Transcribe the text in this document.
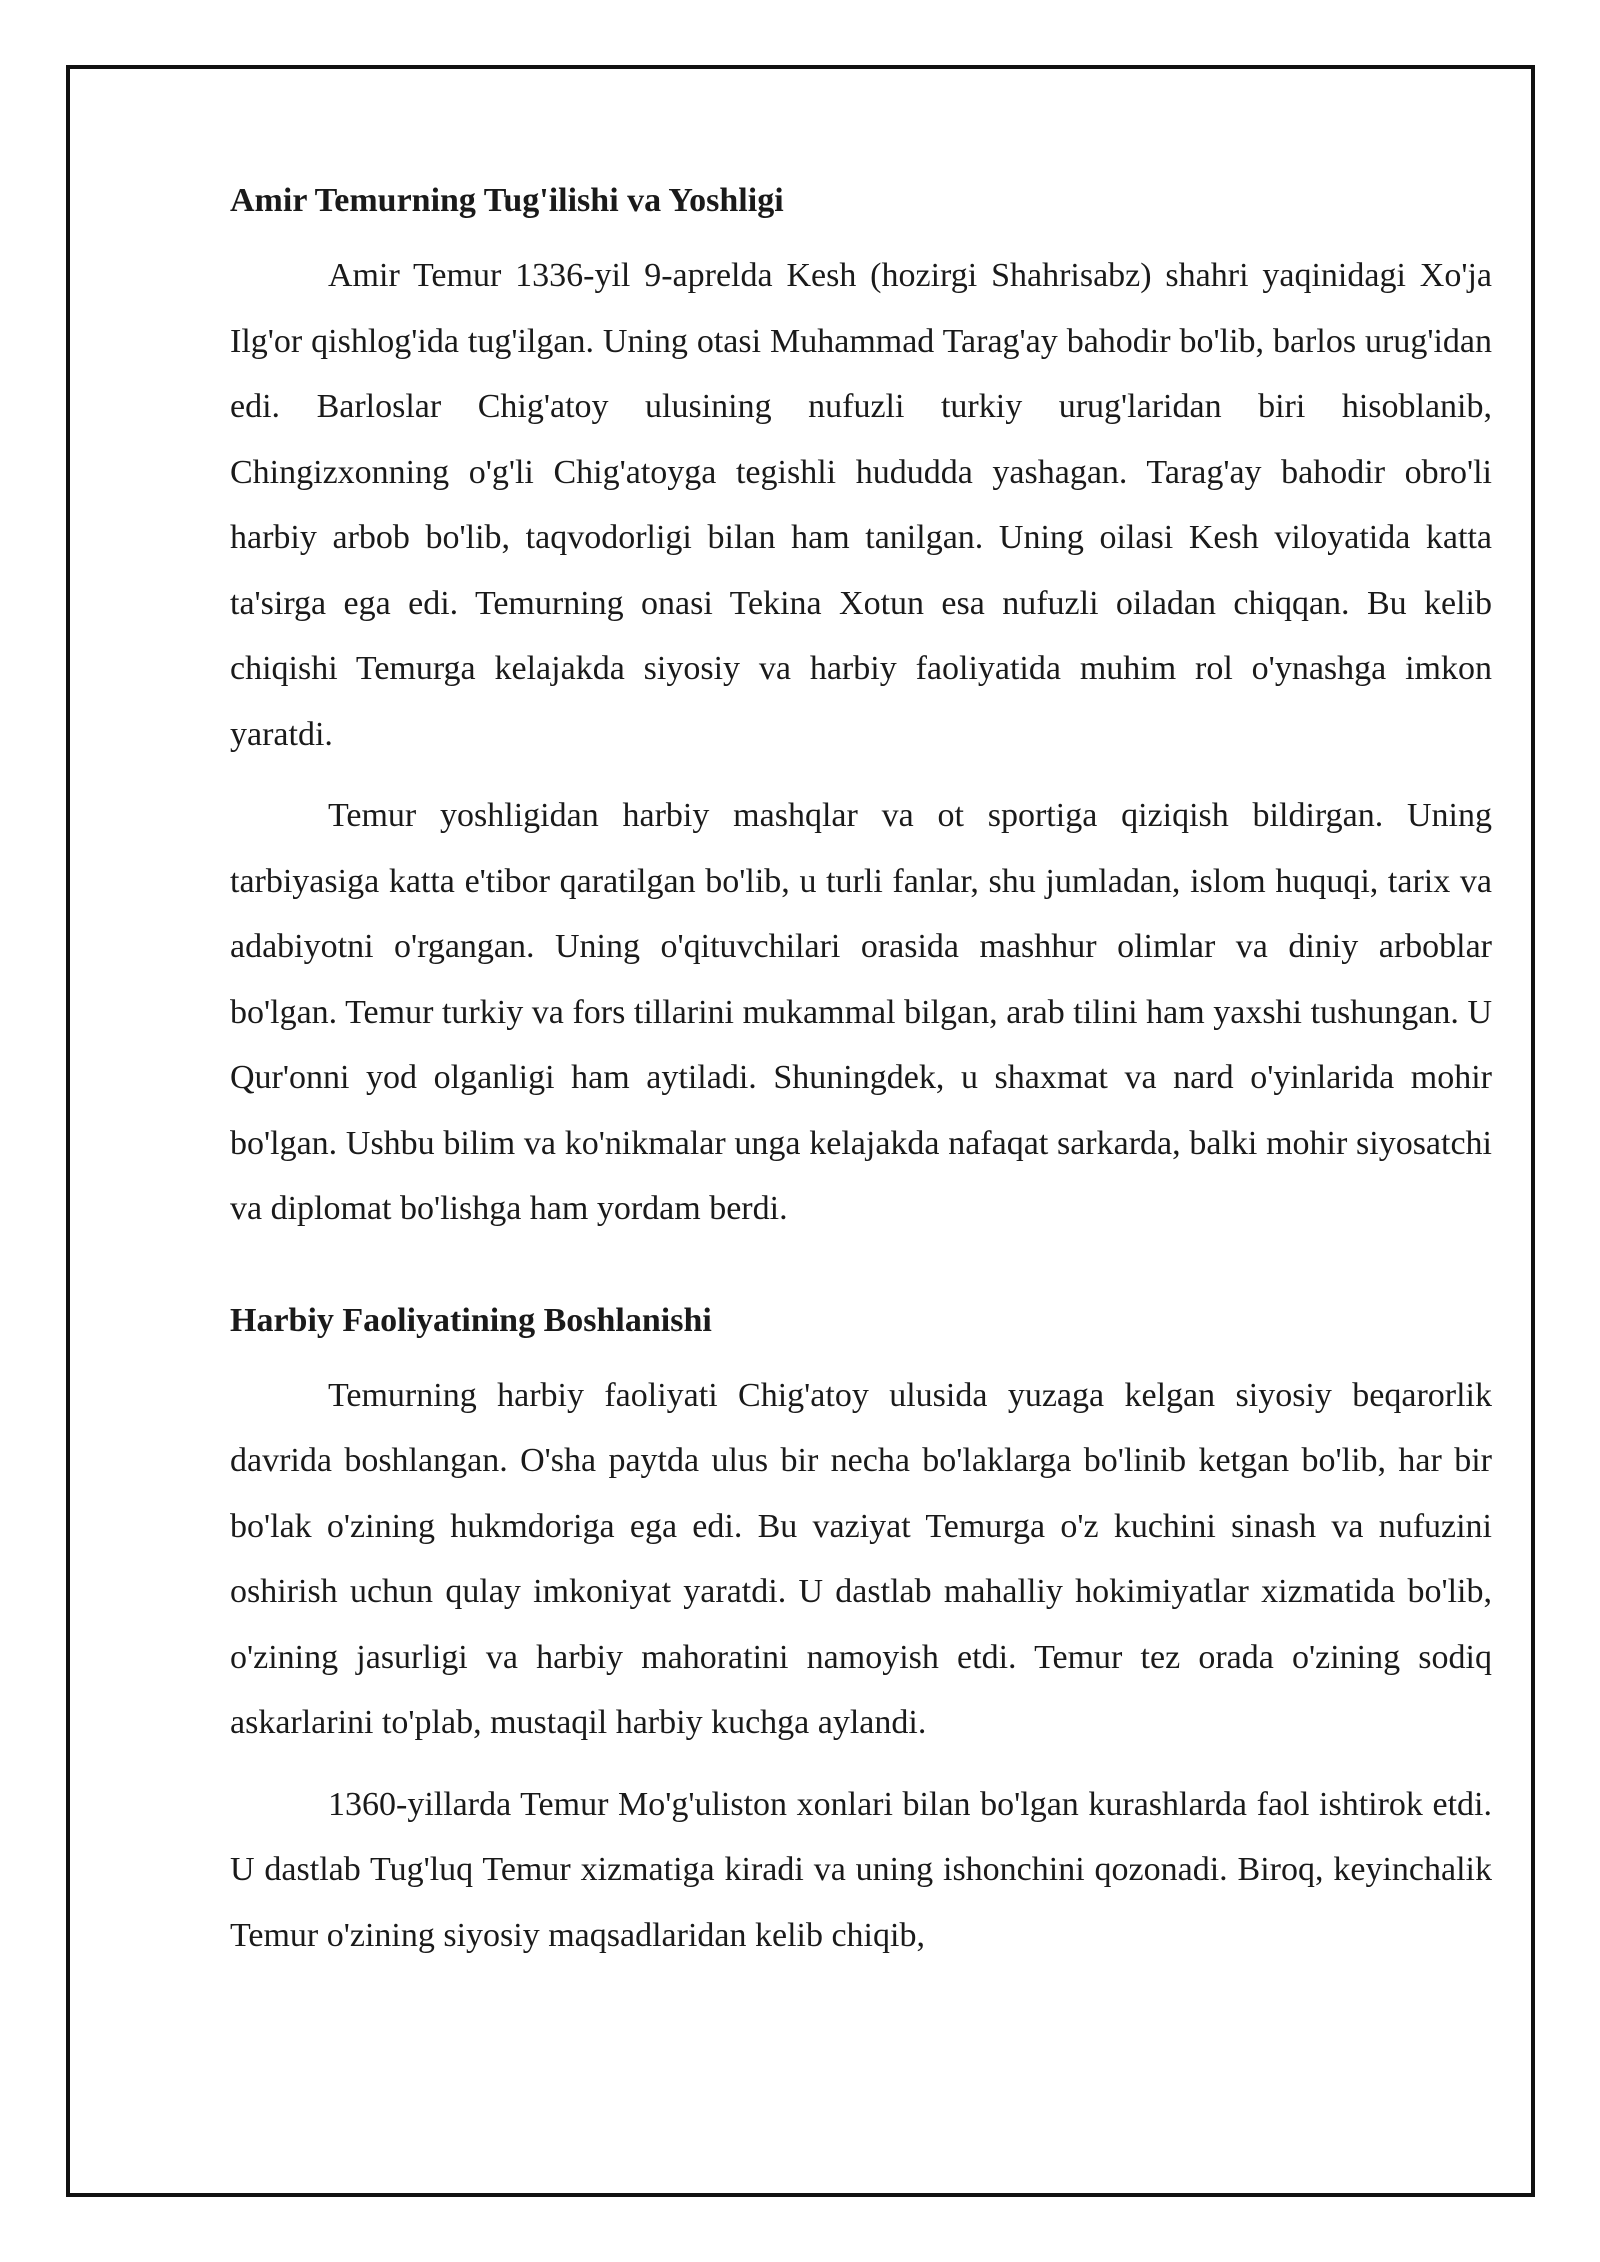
Amir Temurning Tug'ilishi va Yoshligi

Amir Temur 1336-yil 9-aprelda Kesh (hozirgi Shahrisabz) shahri yaqinidagi Xo'ja Ilg'or qishlog'ida tug'ilgan. Uning otasi Muhammad Tarag'ay bahodir bo'lib, barlos urug'idan edi. Barloslar Chig'atoy ulusining nufuzli turkiy urug'laridan biri hisoblanib, Chingizxonning o'g'li Chig'atoyga tegishli hududda yashagan. Tarag'ay bahodir obro'li harbiy arbob bo'lib, taqvodorligi bilan ham tanilgan. Uning oilasi Kesh viloyatida katta ta'sirga ega edi. Temurning onasi Tekina Xotun esa nufuzli oiladan chiqqan. Bu kelib chiqishi Temurga kelajakda siyosiy va harbiy faoliyatida muhim rol o'ynashga imkon yaratdi.

Temur yoshligidan harbiy mashqlar va ot sportiga qiziqish bildirgan. Uning tarbiyasiga katta e'tibor qaratilgan bo'lib, u turli fanlar, shu jumladan, islom huquqi, tarix va adabiyotni o'rgangan. Uning o'qituvchilari orasida mashhur olimlar va diniy arboblar bo'lgan. Temur turkiy va fors tillarini mukammal bilgan, arab tilini ham yaxshi tushungan. U Qur'onni yod olganligi ham aytiladi. Shuningdek, u shaxmat va nard o'yinlarida mohir bo'lgan. Ushbu bilim va ko'nikmalar unga kelajakda nafaqat sarkarda, balki mohir siyosatchi va diplomat bo'lishga ham yordam berdi.

Harbiy Faoliyatining Boshlanishi

Temurning harbiy faoliyati Chig'atoy ulusida yuzaga kelgan siyosiy beqarorlik davrida boshlangan. O'sha paytda ulus bir necha bo'laklarga bo'linib ketgan bo'lib, har bir bo'lak o'zining hukmdoriga ega edi. Bu vaziyat Temurga o'z kuchini sinash va nufuzini oshirish uchun qulay imkoniyat yaratdi. U dastlab mahalliy hokimiyatlar xizmatida bo'lib, o'zining jasurligi va harbiy mahoratini namoyish etdi. Temur tez orada o'zining sodiq askarlarini to'plab, mustaqil harbiy kuchga aylandi.

1360-yillarda Temur Mo'g'uliston xonlari bilan bo'lgan kurashlarda faol ishtirok etdi. U dastlab Tug'luq Temur xizmatiga kiradi va uning ishonchini qozonadi. Biroq, keyinchalik Temur o'zining siyosiy maqsadlaridan kelib chiqib,
